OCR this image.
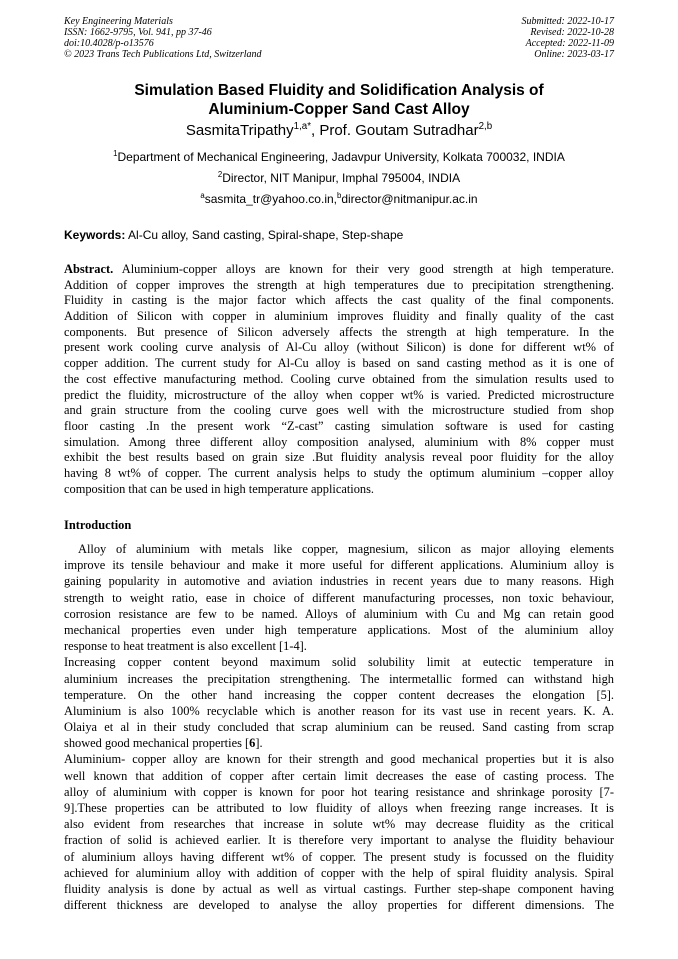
Key Engineering Materials
ISSN: 1662-9795, Vol. 941, pp 37-46
doi:10.4028/p-o13576
© 2023 Trans Tech Publications Ltd, Switzerland
Submitted: 2022-10-17
Revised: 2022-10-28
Accepted: 2022-11-09
Online: 2023-03-17
Simulation Based Fluidity and Solidification Analysis of
Aluminium-Copper Sand Cast Alloy
SasmitaTripathy$^{1,a*}$, Prof. Goutam Sutradhar$^{2,b}$
$^1$Department of Mechanical Engineering, Jadavpur University, Kolkata 700032, INDIA
$^2$Director, NIT Manipur, Imphal 795004, INDIA
$^a$sasmita_tr@yahoo.co.in,$^b$director@nitmanipur.ac.in
Keywords: Al-Cu alloy, Sand casting, Spiral-shape, Step-shape
Abstract. Aluminium-copper alloys are known for their very good strength at high temperature.
Addition of copper improves the strength at high temperatures due to precipitation strengthening.
Fluidity in casting is the major factor which affects the cast quality of the final components.
Addition of Silicon with copper in aluminium improves fluidity and finally quality of the cast
components. But presence of Silicon adversely affects the strength at high temperature. In the
present work cooling curve analysis of Al-Cu alloy (without Silicon) is done for different wt% of
copper addition. The current study for Al-Cu alloy is based on sand casting method as it is one of
the cost effective manufacturing method. Cooling curve obtained from the simulation results used to
predict the fluidity, microstructure of the alloy when copper wt% is varied. Predicted microstructure
and grain structure from the cooling curve goes well with the microstructure studied from shop
floor casting .In the present work “Z-cast” casting simulation software is used for casting
simulation. Among three different alloy composition analysed, aluminium with 8% copper must
exhibit the best results based on grain size .But fluidity analysis reveal poor fluidity for the alloy
having 8 wt% of copper. The current analysis helps to study the optimum aluminium –copper alloy
composition that can be used in high temperature applications.
Introduction
Alloy of aluminium with metals like copper, magnesium, silicon as major alloying elements
improve its tensile behaviour and make it more useful for different applications. Aluminium alloy is
gaining popularity in automotive and aviation industries in recent years due to many reasons. High
strength to weight ratio, ease in choice of different manufacturing processes, non toxic behaviour,
corrosion resistance are few to be named. Alloys of aluminium with Cu and Mg can retain good
mechanical properties even under high temperature applications. Most of the aluminium alloy
response to heat treatment is also excellent [1-4].
Increasing copper content beyond maximum solid solubility limit at eutectic temperature in
aluminium increases the precipitation strengthening. The intermetallic formed can withstand high
temperature. On the other hand increasing the copper content decreases the elongation [5].
Aluminium is also 100% recyclable which is another reason for its vast use in recent years. K. A.
Olaiya et al in their study concluded that scrap aluminium can be reused. Sand casting from scrap
showed good mechanical properties [6].
Aluminium- copper alloy are known for their strength and good mechanical properties but it is also
well known that addition of copper after certain limit decreases the ease of casting process. The
alloy of aluminium with copper is known for poor hot tearing resistance and shrinkage porosity [7-
9].These properties can be attributed to low fluidity of alloys when freezing range increases. It is
also evident from researches that increase in solute wt% may decrease fluidity as the critical
fraction of solid is achieved earlier. It is therefore very important to analyse the fluidity behaviour
of aluminium alloys having different wt% of copper. The present study is focussed on the fluidity
achieved for aluminium alloy with addition of copper with the help of spiral fluidity analysis. Spiral
fluidity analysis is done by actual as well as virtual castings. Further step-shape component having
different thickness are developed to analyse the alloy properties for different dimensions. The
